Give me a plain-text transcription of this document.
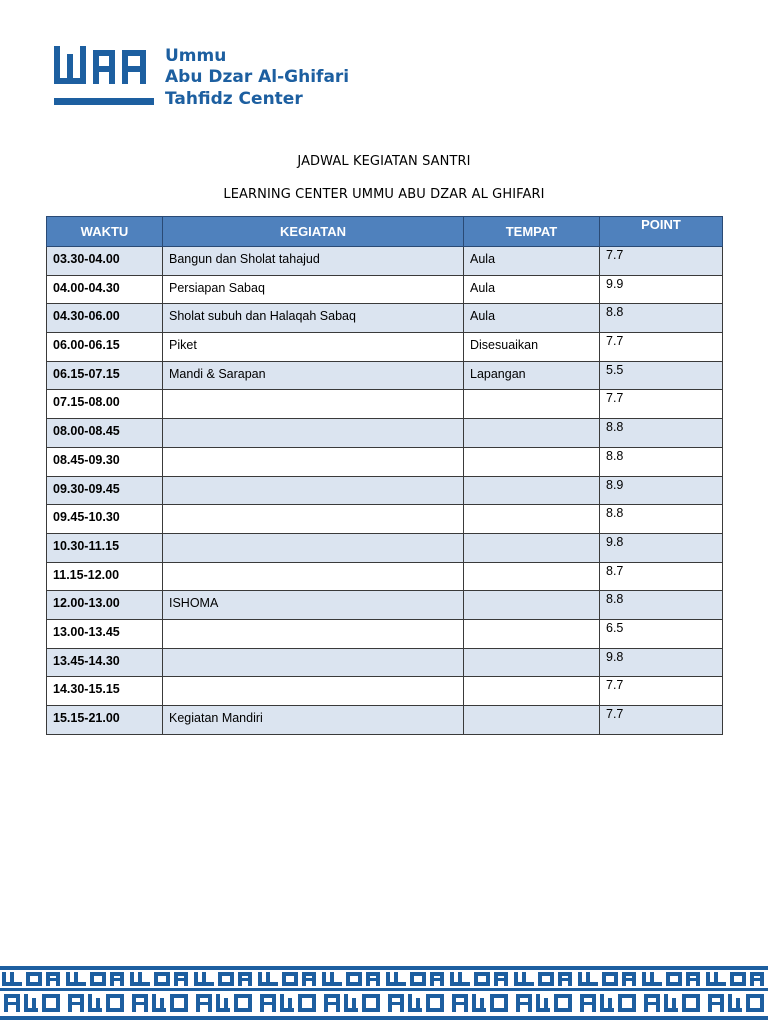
Ummu
Abu Dzar Al-Ghifari
Tahfidz Center
JADWAL KEGIATAN SANTRI
LEARNING CENTER UMMU ABU DZAR AL GHIFARI
WAKTU	KEGIATAN	TEMPAT	POINT
03.30-04.00	Bangun dan Sholat tahajud	Aula	7.7
04.00-04.30	Persiapan Sabaq	Aula	9.9
04.30-06.00	Sholat subuh dan Halaqah Sabaq	Aula	8.8
06.00-06.15	Piket	Disesuaikan	7.7
06.15-07.15	Mandi & Sarapan	Lapangan	5.5
07.15-08.00			7.7
08.00-08.45			8.8
08.45-09.30			8.8
09.30-09.45			8.9
09.45-10.30			8.8
10.30-11.15			9.8
11.15-12.00			8.7
12.00-13.00	ISHOMA		8.8
13.00-13.45			6.5
13.45-14.30			9.8
14.30-15.15			7.7
15.15-21.00	Kegiatan Mandiri		7.7
